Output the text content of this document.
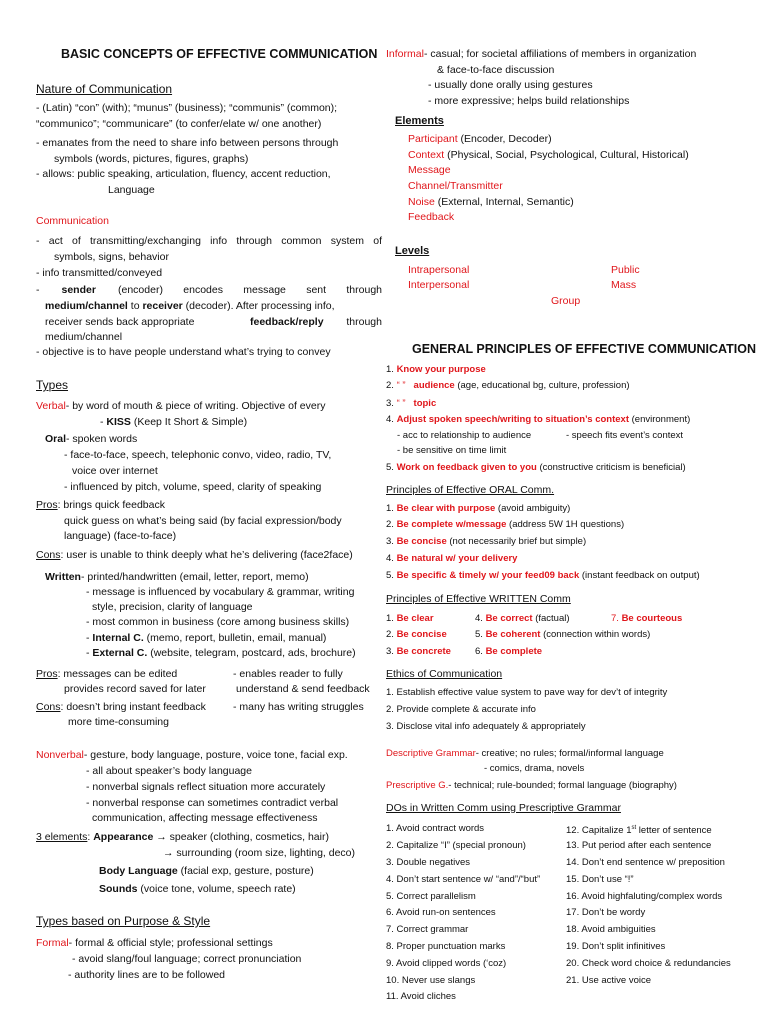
BASIC CONCEPTS OF EFFECTIVE COMMUNICATION
Nature of Communication
- (Latin) “con” (with); “munus” (business); “communis” (common);
“communico”; “communicare” (to confer/elate w/ one another)
- emanates from the need to share info between persons through
symbols (words, pictures, figures, graphs)
- allows: public speaking, articulation, fluency, accent reduction,
Language
Communication
- act of transmitting/exchanging info through common system of
symbols, signs, behavior
- info transmitted/conveyed
- sender (encoder) encodes message sent through
medium/channel to receiver (decoder). After processing info,
receiver sends back appropriate	feedback/reply through
medium/channel
- objective is to have people understand what’s trying to convey
Types
Verbal- by word of mouth & piece of writing. Objective of every
- KISS (Keep It Short & Simple)
Oral- spoken words
- face-to-face, speech, telephonic convo, video, radio, TV,
voice over internet
- influenced by pitch, volume, speed, clarity of speaking
Pros: brings quick feedback
quick guess on what’s being said (by facial expression/body
language) (face-to-face)
Cons: user is unable to think deeply what he’s delivering (face2face)
Written- printed/handwritten (email, letter, report, memo)
- message is influenced by vocabulary & grammar, writing
style, precision, clarity of language
- most common in business (core among business skills)
- Internal C. (memo, report, bulletin, email, manual)
- External C. (website, telegram, postcard, ads, brochure)
Pros: messages can be edited	- enables reader to fully
provides record saved for later	understand & send feedback
Cons: doesn’t bring instant feedback	- many has writing struggles
more time-consuming
Nonverbal- gesture, body language, posture, voice tone, facial exp.
- all about speaker’s body language
- nonverbal signals reflect situation more accurately
- nonverbal response can sometimes contradict verbal
communication, affecting message effectiveness
3 elements: Appearance → speaker (clothing, cosmetics, hair)
→ surrounding (room size, lighting, deco)
Body Language (facial exp, gesture, posture)
Sounds (voice tone, volume, speech rate)
Types based on Purpose & Style
Formal- formal & official style; professional settings
- avoid slang/foul language; correct pronunciation
- authority lines are to be followed
Informal- casual; for societal affiliations of members in organization
& face-to-face discussion
- usually done orally using gestures
- more expressive; helps build relationships
Elements
Participant (Encoder, Decoder)
Context (Physical, Social, Psychological, Cultural, Historical)
Message
Channel/Transmitter
Noise (External, Internal, Semantic)
Feedback
Levels
Intrapersonal	Public
Interpersonal	Mass
Group
GENERAL PRINCIPLES OF EFFECTIVE COMMUNICATION
1. Know your purpose
2. “ ” audience (age, educational bg, culture, profession)
3. “ ” topic
4. Adjust spoken speech/writing to situation’s context (environment)
- acc to relationship to audience	- speech fits event’s context
- be sensitive on time limit
5. Work on feedback given to you (constructive criticism is beneficial)
Principles of Effective ORAL Comm.
1. Be clear with purpose (avoid ambiguity)
2. Be complete w/message (address 5W 1H questions)
3. Be concise (not necessarily brief but simple)
4. Be natural w/ your delivery
5. Be specific & timely w/ your feed09 back (instant feedback on output)
Principles of Effective WRITTEN Comm
1. Be clear	4. Be correct (factual)	7. Be courteous
2. Be concise	5. Be coherent (connection within words)
3. Be concrete	6. Be complete
Ethics of Communication
1. Establish effective value system to pave way for dev’t of integrity
2. Provide complete & accurate info
3. Disclose vital info adequately & appropriately
Descriptive Grammar- creative; no rules; formal/informal language
- comics, drama, novels
Prescriptive G.- technical; rule-bounded; formal language (biography)
DOs in Written Comm using Prescriptive Grammar
1. Avoid contract words
2. Capitalize “I” (special pronoun)
3. Double negatives
4. Don’t start sentence w/ “and”/“but”
5. Correct parallelism
6. Avoid run-on sentences
7. Correct grammar
8. Proper punctuation marks
9. Avoid clipped words (‘coz)
10. Never use slangs
11. Avoid cliches
12. Capitalize 1st letter of sentence
13. Put period after each sentence
14. Don’t end sentence w/ preposition
15. Don’t use “!”
16. Avoid highfaluting/complex words
17. Don’t be wordy
18. Avoid ambiguities
19. Don’t split infinitives
20. Check word choice & redundancies
21. Use active voice
